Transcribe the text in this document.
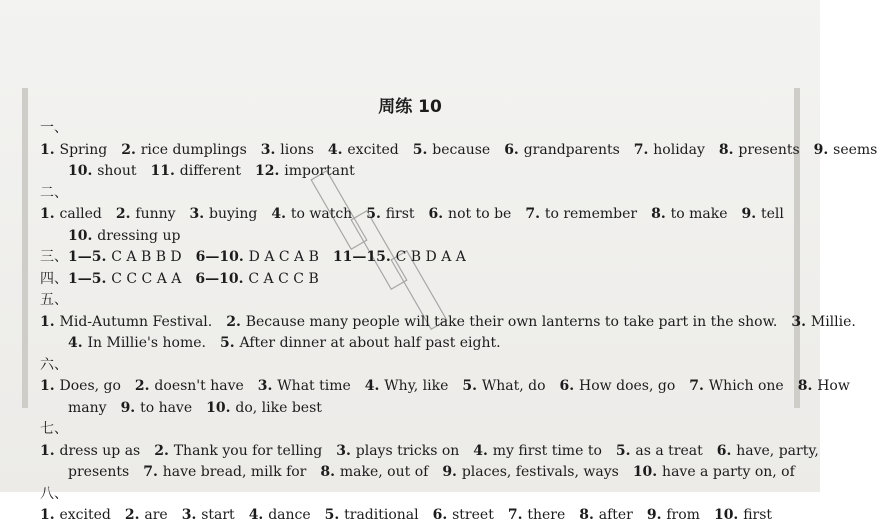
周练 10
一、1. Spring 2. rice dumplings 3. lions 4. excited 5. because 6. grandparents 7. holiday 8. presents 9. seems
10. shout 11. different 12. important
二、1. called 2. funny 3. buying 4. to watch 5. first 6. not to be 7. to remember 8. to make 9. tell
10. dressing up
三、1—5. C A B B D 6—10. D A C A B 11—15. C B D A A
四、1—5. C C C A A 6—10. C A C C B
五、1. Mid-Autumn Festival. 2. Because many people will take their own lanterns to take part in the show. 3. Millie.
4. In Millie's home. 5. After dinner at about half past eight.
六、1. Does, go 2. doesn't have 3. What time 4. Why, like 5. What, do 6. How does, go 7. Which one 8. How
many 9. to have 10. do, like best
七、1. dress up as 2. Thank you for telling 3. plays tricks on 4. my first time to 5. as a treat 6. have, party,
presents 7. have bread, milk for 8. make, out of 9. places, festivals, ways 10. have a party on, of
八、1. excited 2. are 3. start 4. dance 5. traditional 6. street 7. there 8. after 9. from 10. first
